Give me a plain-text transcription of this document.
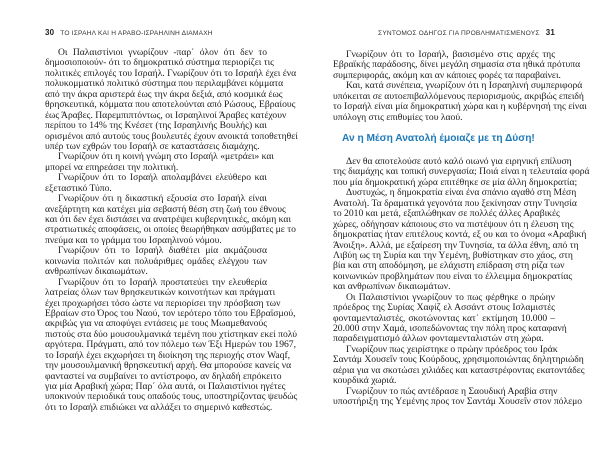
30 ΤΟ ΙΣΡΑΗΛ ΚΑΙ Η ΑΡΑΒΟ-ΙΣΡΑΗΛΙΝΗ ΔΙΑΜΑΧΗ	ΣΥΝΤΟΜΟΣ ΟΔΗΓΟΣ ΓΙΑ ΠΡΟΒΛΗΜΑΤΙΣΜΕΝΟΥΣ 31
Οι Παλαιστίνιοι γνωρίζουν -παρ΄ όλον ότι δεν το
δημοσιοποιούν- ότι το δημοκρατικό σύστημα περιορίζει τις
πολιτικές επιλογές του Ισραήλ. Γνωρίζουν ότι το Ισραήλ έχει ένα
πολυκομματικό πολιτικό σύστημα που περιλαμβάνει κόμματα
από την άκρα αριστερά έως την άκρα δεξιά, από κοσμικά έως
θρησκευτικά, κόμματα που αποτελούνται από Ρώσους, Εβραίους
έως Άραβες. Παρεμπιπτόντως, οι Ισραηλινοί Άραβες κατέχουν
περίπου το 14% της Κνέσετ (της Ισραηλινής Βουλής) και
ορισμένοι από αυτούς τους βουλευτές έχουν ανοικτά τοποθετηθεί
υπέρ των εχθρών του Ισραήλ σε καταστάσεις διαμάχης.
Γνωρίζουν ότι η κοινή γνώμη στο Ισραήλ «μετράει» και
μπορεί να επηρεάσει την πολιτική.
Γνωρίζουν ότι το Ισραήλ απολαμβάνει ελεύθερο και
εξεταστικό Τύπο.
Γνωρίζουν ότι η δικαστική εξουσία στο Ισραήλ είναι
ανεξάρτητη και κατέχει μία σεβαστή θέση στη ζωή του έθνους
και ότι δεν έχει διστάσει να ανατρέψει κυβερνητικές, ακόμη και
στρατιωτικές αποφάσεις, οι οποίες θεωρήθηκαν ασύμβατες με το
πνεύμα και το γράμμα του Ισραηλινού νόμου.
Γνωρίζουν ότι το Ισραήλ διαθέτει μία ακμάζουσα
κοινωνία πολιτών και πολυάριθμες ομάδες ελέγχου των
ανθρωπίνων δικαιωμάτων.
Γνωρίζουν ότι το Ισραήλ προστατεύει την ελευθερία
λατρείας όλων των θρησκευτικών κοινοτήτων και πράγματι
έχει προχωρήσει τόσο ώστε να περιορίσει την πρόσβαση των
Εβραίων στο Όρος του Ναού, τον ιερότερο τόπο του Εβραϊσμού,
ακριβώς για να αποφύγει εντάσεις με τους Μωαμεθανούς
πιστούς στα δύο μουσουλμανικά τεμένη που χτίστηκαν εκεί πολύ
αργότερα. Πράγματι, από τον πόλεμο των Έξι Ημερών του 1967,
το Ισραήλ έχει εκχωρήσει τη διοίκηση της περιοχής στον Waqf,
την μουσουλμανική θρησκευτική αρχή. Θα μπορούσε κανείς να
φανταστεί να συμβαίνει το αντίστροφο, αν δηλαδή επρόκειτο
για μία Αραβική χώρα; Παρ΄ όλα αυτά, οι Παλαιστίνιοι ηγέτες
υποκινούν περιοδικά τους οπαδούς τους, υποστηρίζοντας ψευδώς
ότι το Ισραήλ επιδιώκει να αλλάξει το σημερινό καθεστώς.
Γνωρίζουν ότι το Ισραήλ, βασισμένο στις αρχές της
Εβραϊκής παράδοσης, δίνει μεγάλη σημασία στα ηθικά πρότυπα
συμπεριφοράς, ακόμη και αν κάποιες φορές τα παραβαίνει.
Και, κατά συνέπεια, γνωρίζουν ότι η Ισραηλινή συμπεριφορά
υπόκειται σε αυτοεπιβαλλόμενους περιορισμούς, ακριβώς επειδή
το Ισραήλ είναι μία δημοκρατική χώρα και η κυβέρνησή της είναι
υπόλογη στις επιθυμίες του λαού.
Αν η Μέση Ανατολή έμοιαζε με τη Δύση!
Δεν θα αποτελούσε αυτό καλό οιωνό για ειρηνική επίλυση
της διαμάχης και τοπική συνεργασία; Ποιά είναι η τελευταία φορά
που μία δημοκρατική χώρα επιτέθηκε σε μία άλλη δημοκρατία;
Δυστυχώς, η δημοκρατία είναι ένα σπάνιο αγαθό στη Μέση
Ανατολή. Τα δραματικά γεγονότα που ξεκίνησαν στην Τυνησία
το 2010 και μετά, εξαπλώθηκαν σε πολλές άλλες Αραβικές
χώρες, οδήγησαν κάποιους στο να πιστέψουν ότι η έλευση της
δημοκρατίας ήταν επιτέλους κοντά, εξ ου και το όνομα «Αραβική
Άνοιξη». Αλλά, με εξαίρεση την Τυνησία, τα άλλα έθνη, από τη
Λιβύη ως τη Συρία και την Υεμένη, βυθίστηκαν στο χάος, στη
βία και στη αποδόμηση, με ελάχιστη επίδραση στη ρίζα των
κοινωνικών προβλημάτων που είναι το έλλειμμα δημοκρατίας
και ανθρωπίνων δικαιωμάτων.
Οι Παλαιστίνιοι γνωρίζουν το πως φέρθηκε ο πρώην
πρόεδρος της Συρίας Χαφίζ ελ Ασσάντ στους Ισλαμιστές
φονταμενταλιστές, σκοτώνοντας κατ΄ εκτίμηση 10.000 –
20.000 στην Χαμά, ισοπεδώνοντας την πόλη προς καταφανή
παραδειγματισμό άλλων φονταμενταλιστών στη χώρα.
Γνωρίζουν πως χειρίστηκε ο πρώην πρόεδρος του Ιράκ
Σαντάμ Χουσεΐν τους Κούρδους, χρησιμοποιώντας δηλητηριώδη
αέρια για να σκοτώσει χιλιάδες και καταστρέφοντας εκατοντάδες
κουρδικά χωριά.
Γνωρίζουν το πώς αντέδρασε η Σαουδική Αραβία στην
υποστήριξη της Υεμένης προς τον Σαντάμ Χουσεΐν στον πόλεμο
